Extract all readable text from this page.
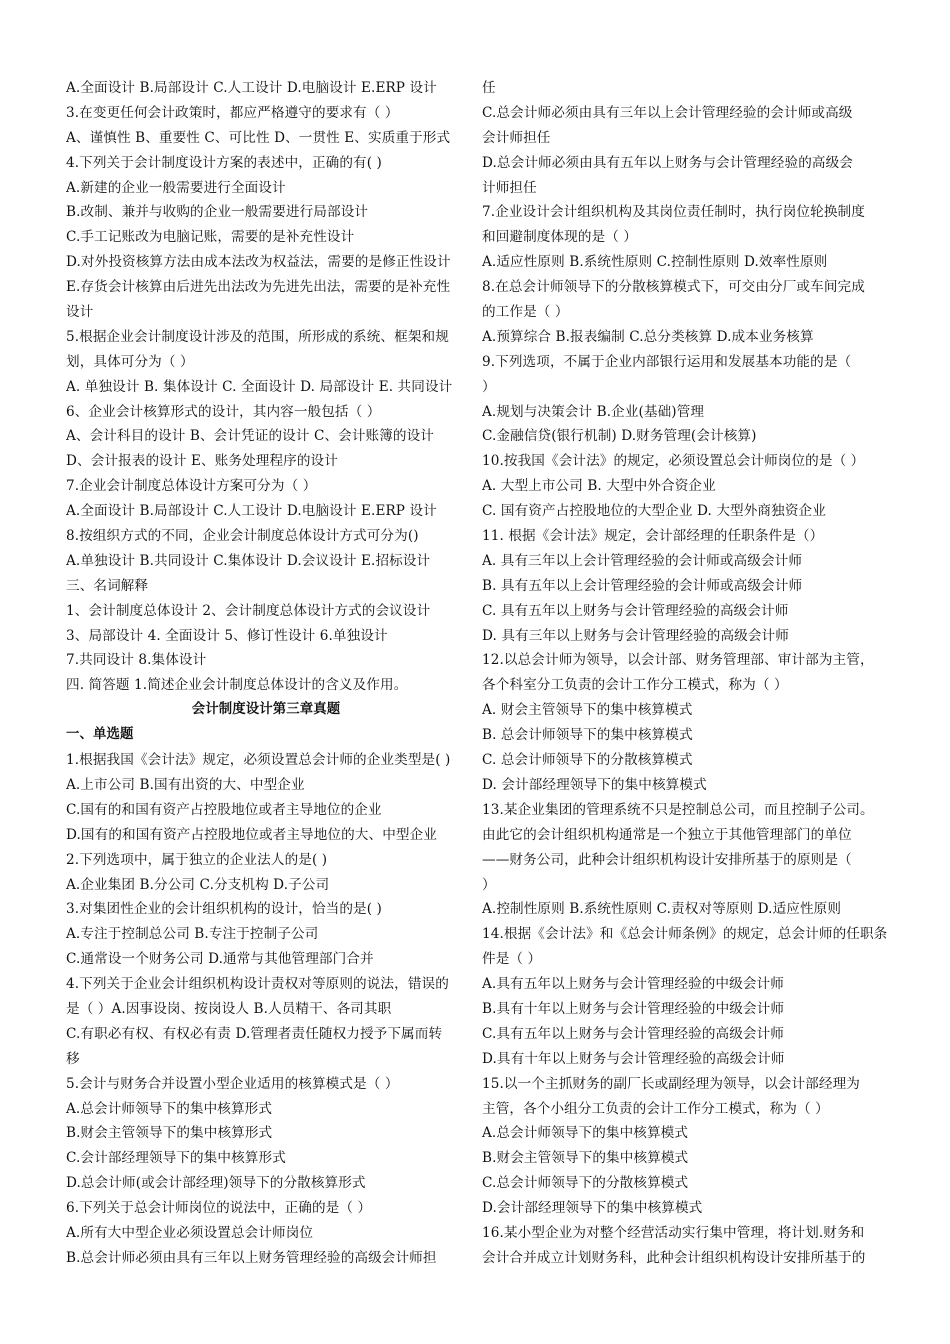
A.全面设计 B.局部设计 C.人工设计 D.电脑设计 E.ERP 设计
3.在变更任何会计政策时，都应严格遵守的要求有（ ）
A、谨慎性 B、重要性 C、可比性 D、一贯性 E、实质重于形式
4.下列关于会计制度设计方案的表述中，正确的有( )
A.新建的企业一般需要进行全面设计
B.改制、兼并与收购的企业一般需要进行局部设计
C.手工记账改为电脑记账，需要的是补充性设计
D.对外投资核算方法由成本法改为权益法，需要的是修正性设计
E.存货会计核算由后进先出法改为先进先出法，需要的是补充性
设计
5.根据企业会计制度设计涉及的范围，所形成的系统、框架和规
划，具体可分为（ ）
A. 单独设计 B. 集体设计 C. 全面设计 D. 局部设计 E. 共同设计
6、企业会计核算形式的设计，其内容一般包括（ ）
A、会计科目的设计 B、会计凭证的设计 C、会计账簿的设计
D、会计报表的设计 E、账务处理程序的设计
7.企业会计制度总体设计方案可分为（ ）
A.全面设计 B.局部设计 C.人工设计 D.电脑设计 E.ERP 设计
8.按组织方式的不同，企业会计制度总体设计方式可分为()
A.单独设计 B.共同设计 C.集体设计 D.会议设计 E.招标设计
三、名词解释
1、会计制度总体设计 2、会计制度总体设计方式的会议设计
3、局部设计 4. 全面设计 5、修订性设计 6.单独设计
7.共同设计 8.集体设计
四. 简答题 1.简述企业会计制度总体设计的含义及作用。
会计制度设计第三章真题
一、单选题
1.根据我国《会计法》规定，必须设置总会计师的企业类型是( )
A.上市公司 B.国有出资的大、中型企业
C.国有的和国有资产占控股地位或者主导地位的企业
D.国有的和国有资产占控股地位或者主导地位的大、中型企业
2.下列选项中，属于独立的企业法人的是( )
A.企业集团 B.分公司 C.分支机构 D.子公司
3.对集团性企业的会计组织机构的设计，恰当的是( )
A.专注于控制总公司 B.专注于控制子公司
C.通常设一个财务公司 D.通常与其他管理部门合并
4.下列关于企业会计组织机构设计责权对等原则的说法，错误的
是（ ）A.因事设岗、按岗设人 B.人员精干、各司其职
C.有职必有权、有权必有责 D.管理者责任随权力授予下属而转
移
5.会计与财务合并设置小型企业适用的核算模式是（ ）
A.总会计师领导下的集中核算形式
B.财会主管领导下的集中核算形式
C.会计部经理领导下的集中核算形式
D.总会计师(或会计部经理)领导下的分散核算形式
6.下列关于总会计师岗位的说法中，正确的是（ ）
A.所有大中型企业必须设置总会计师岗位
B.总会计师必须由具有三年以上财务管理经验的高级会计师担
任
C.总会计师必须由具有三年以上会计管理经验的会计师或高级
会计师担任
D.总会计师必须由具有五年以上财务与会计管理经验的高级会
计师担任
7.企业设计会计组织机构及其岗位责任制时，执行岗位轮换制度
和回避制度体现的是（ ）
A.适应性原则 B.系统性原则 C.控制性原则 D.效率性原则
8.在总会计师领导下的分散核算模式下，可交由分厂或车间完成
的工作是（ ）
A.预算综合 B.报表编制 C.总分类核算 D.成本业务核算
9.下列选项，不属于企业内部银行运用和发展基本功能的是（
）
A.规划与决策会计 B.企业(基础)管理
C.金融信贷(银行机制) D.财务管理(会计核算)
10.按我国《会计法》的规定，必须设置总会计师岗位的是（ ）
A. 大型上市公司 B. 大型中外合资企业
C. 国有资产占控股地位的大型企业 D. 大型外商独资企业
11. 根据《会计法》规定，会计部经理的任职条件是（）
A. 具有三年以上会计管理经验的会计师或高级会计师
B. 具有五年以上会计管理经验的会计师或高级会计师
C. 具有五年以上财务与会计管理经验的高级会计师
D. 具有三年以上财务与会计管理经验的高级会计师
12.以总会计师为领导，以会计部、财务管理部、审计部为主管，
各个科室分工负责的会计工作分工模式，称为（ ）
A. 财会主管领导下的集中核算模式
B. 总会计师领导下的集中核算模式
C. 总会计师领导下的分散核算模式
D. 会计部经理领导下的集中核算模式
13.某企业集团的管理系统不只是控制总公司，而且控制子公司。
由此它的会计组织机构通常是一个独立于其他管理部门的单位
——财务公司，此种会计组织机构设计安排所基于的原则是（
）
A.控制性原则 B.系统性原则 C.责权对等原则 D.适应性原则
14.根据《会计法》和《总会计师条例》的规定，总会计师的任职条
件是（ ）
A.具有五年以上财务与会计管理经验的中级会计师
B.具有十年以上财务与会计管理经验的中级会计师
C.具有五年以上财务与会计管理经验的高级会计师
D.具有十年以上财务与会计管理经验的高级会计师
15.以一个主抓财务的副厂长或副经理为领导，以会计部经理为
主管，各个小组分工负责的会计工作分工模式，称为（ ）
A.总会计师领导下的集中核算模式
B.财会主管领导下的集中核算模式
C.总会计师领导下的分散核算模式
D.会计部经理领导下的集中核算模式
16.某小型企业为对整个经营活动实行集中管理，将计划.财务和
会计合并成立计划财务科，此种会计组织机构设计安排所基于的
